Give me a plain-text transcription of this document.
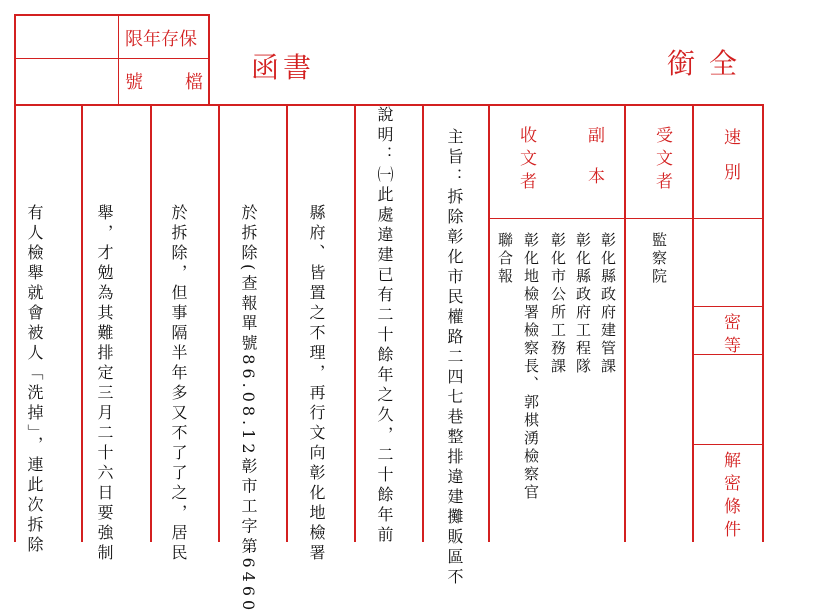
限年存保
號　　檔 函書	銜全
速別
密等
解密條件
受文者
副本
收文者
監察院
彰化縣政府建管課
彰化縣政府工程隊
彰化市公所工務課
彰化地檢署檢察長、郭棋湧檢察官
聯合報
主旨：拆除彰化市民權路二四七巷整排違建攤販區不
說明：㈠此處違建已有二十餘年之久，二十餘年前
縣府、皆置之不理，再行文向彰化地檢署
於拆除(查報單號86.08.12彰市工字第6460
於拆除，但事隔半年多又不了了之，居民
舉，才勉為其難排定三月二十六日要強制
有人檢舉就會被人「洗掉」，連此次拆除
